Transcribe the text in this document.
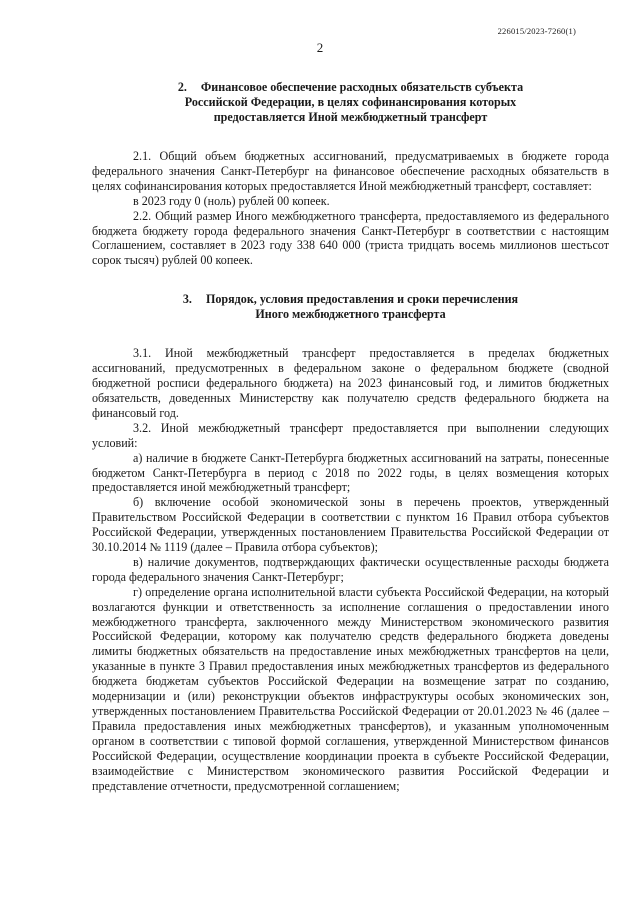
226015/2023-7260(1)
2
2. Финансовое обеспечение расходных обязательств субъекта
Российской Федерации, в целях софинансирования которых
предоставляется Иной межбюджетный трансферт

2.1. Общий объем бюджетных ассигнований, предусматриваемых в бюджете города федерального значения Санкт-Петербург на финансовое обеспечение расходных обязательств в целях софинансирования которых предоставляется Иной межбюджетный трансферт, составляет:

в 2023 году 0 (ноль) рублей 00 копеек.

2.2. Общий размер Иного межбюджетного трансферта, предоставляемого из федерального бюджета бюджету города федерального значения Санкт-Петербург в соответствии с настоящим Соглашением, составляет в 2023 году 338 640 000 (триста тридцать восемь миллионов шестьсот сорок тысяч) рублей 00 копеек.

3. Порядок, условия предоставления и сроки перечисления
Иного межбюджетного трансферта

3.1. Иной межбюджетный трансферт предоставляется в пределах бюджетных ассигнований, предусмотренных в федеральном законе о федеральном бюджете (сводной бюджетной росписи федерального бюджета) на 2023 финансовый год, и лимитов бюджетных обязательств, доведенных Министерству как получателю средств федерального бюджета на финансовый год.

3.2. Иной межбюджетный трансферт предоставляется при выполнении следующих условий:

а) наличие в бюджете Санкт-Петербурга бюджетных ассигнований на затраты, понесенные бюджетом Санкт-Петербурга в период с 2018 по 2022 годы, в целях возмещения которых предоставляется иной межбюджетный трансферт;

б) включение особой экономической зоны в перечень проектов, утвержденный Правительством Российской Федерации в соответствии с пунктом 16 Правил отбора субъектов Российской Федерации, утвержденных постановлением Правительства Российской Федерации от 30.10.2014 № 1119 (далее – Правила отбора субъектов);

в) наличие документов, подтверждающих фактически осуществленные расходы бюджета города федерального значения Санкт-Петербург;

г) определение органа исполнительной власти субъекта Российской Федерации, на который возлагаются функции и ответственность за исполнение соглашения о предоставлении иного межбюджетного трансферта, заключенного между Министерством экономического развития Российской Федерации, которому как получателю средств федерального бюджета доведены лимиты бюджетных обязательств на предоставление иных межбюджетных трансфертов на цели, указанные в пункте 3 Правил предоставления иных межбюджетных трансфертов из федерального бюджета бюджетам субъектов Российской Федерации на возмещение затрат по созданию, модернизации и (или) реконструкции объектов инфраструктуры особых экономических зон, утвержденных постановлением Правительства Российской Федерации от 20.01.2023 № 46 (далее – Правила предоставления иных межбюджетных трансфертов), и указанным уполномоченным органом в соответствии с типовой формой соглашения, утвержденной Министерством финансов Российской Федерации, осуществление координации проекта в субъекте Российской Федерации, взаимодействие с Министерством экономического развития Российской Федерации и представление отчетности, предусмотренной соглашением;
